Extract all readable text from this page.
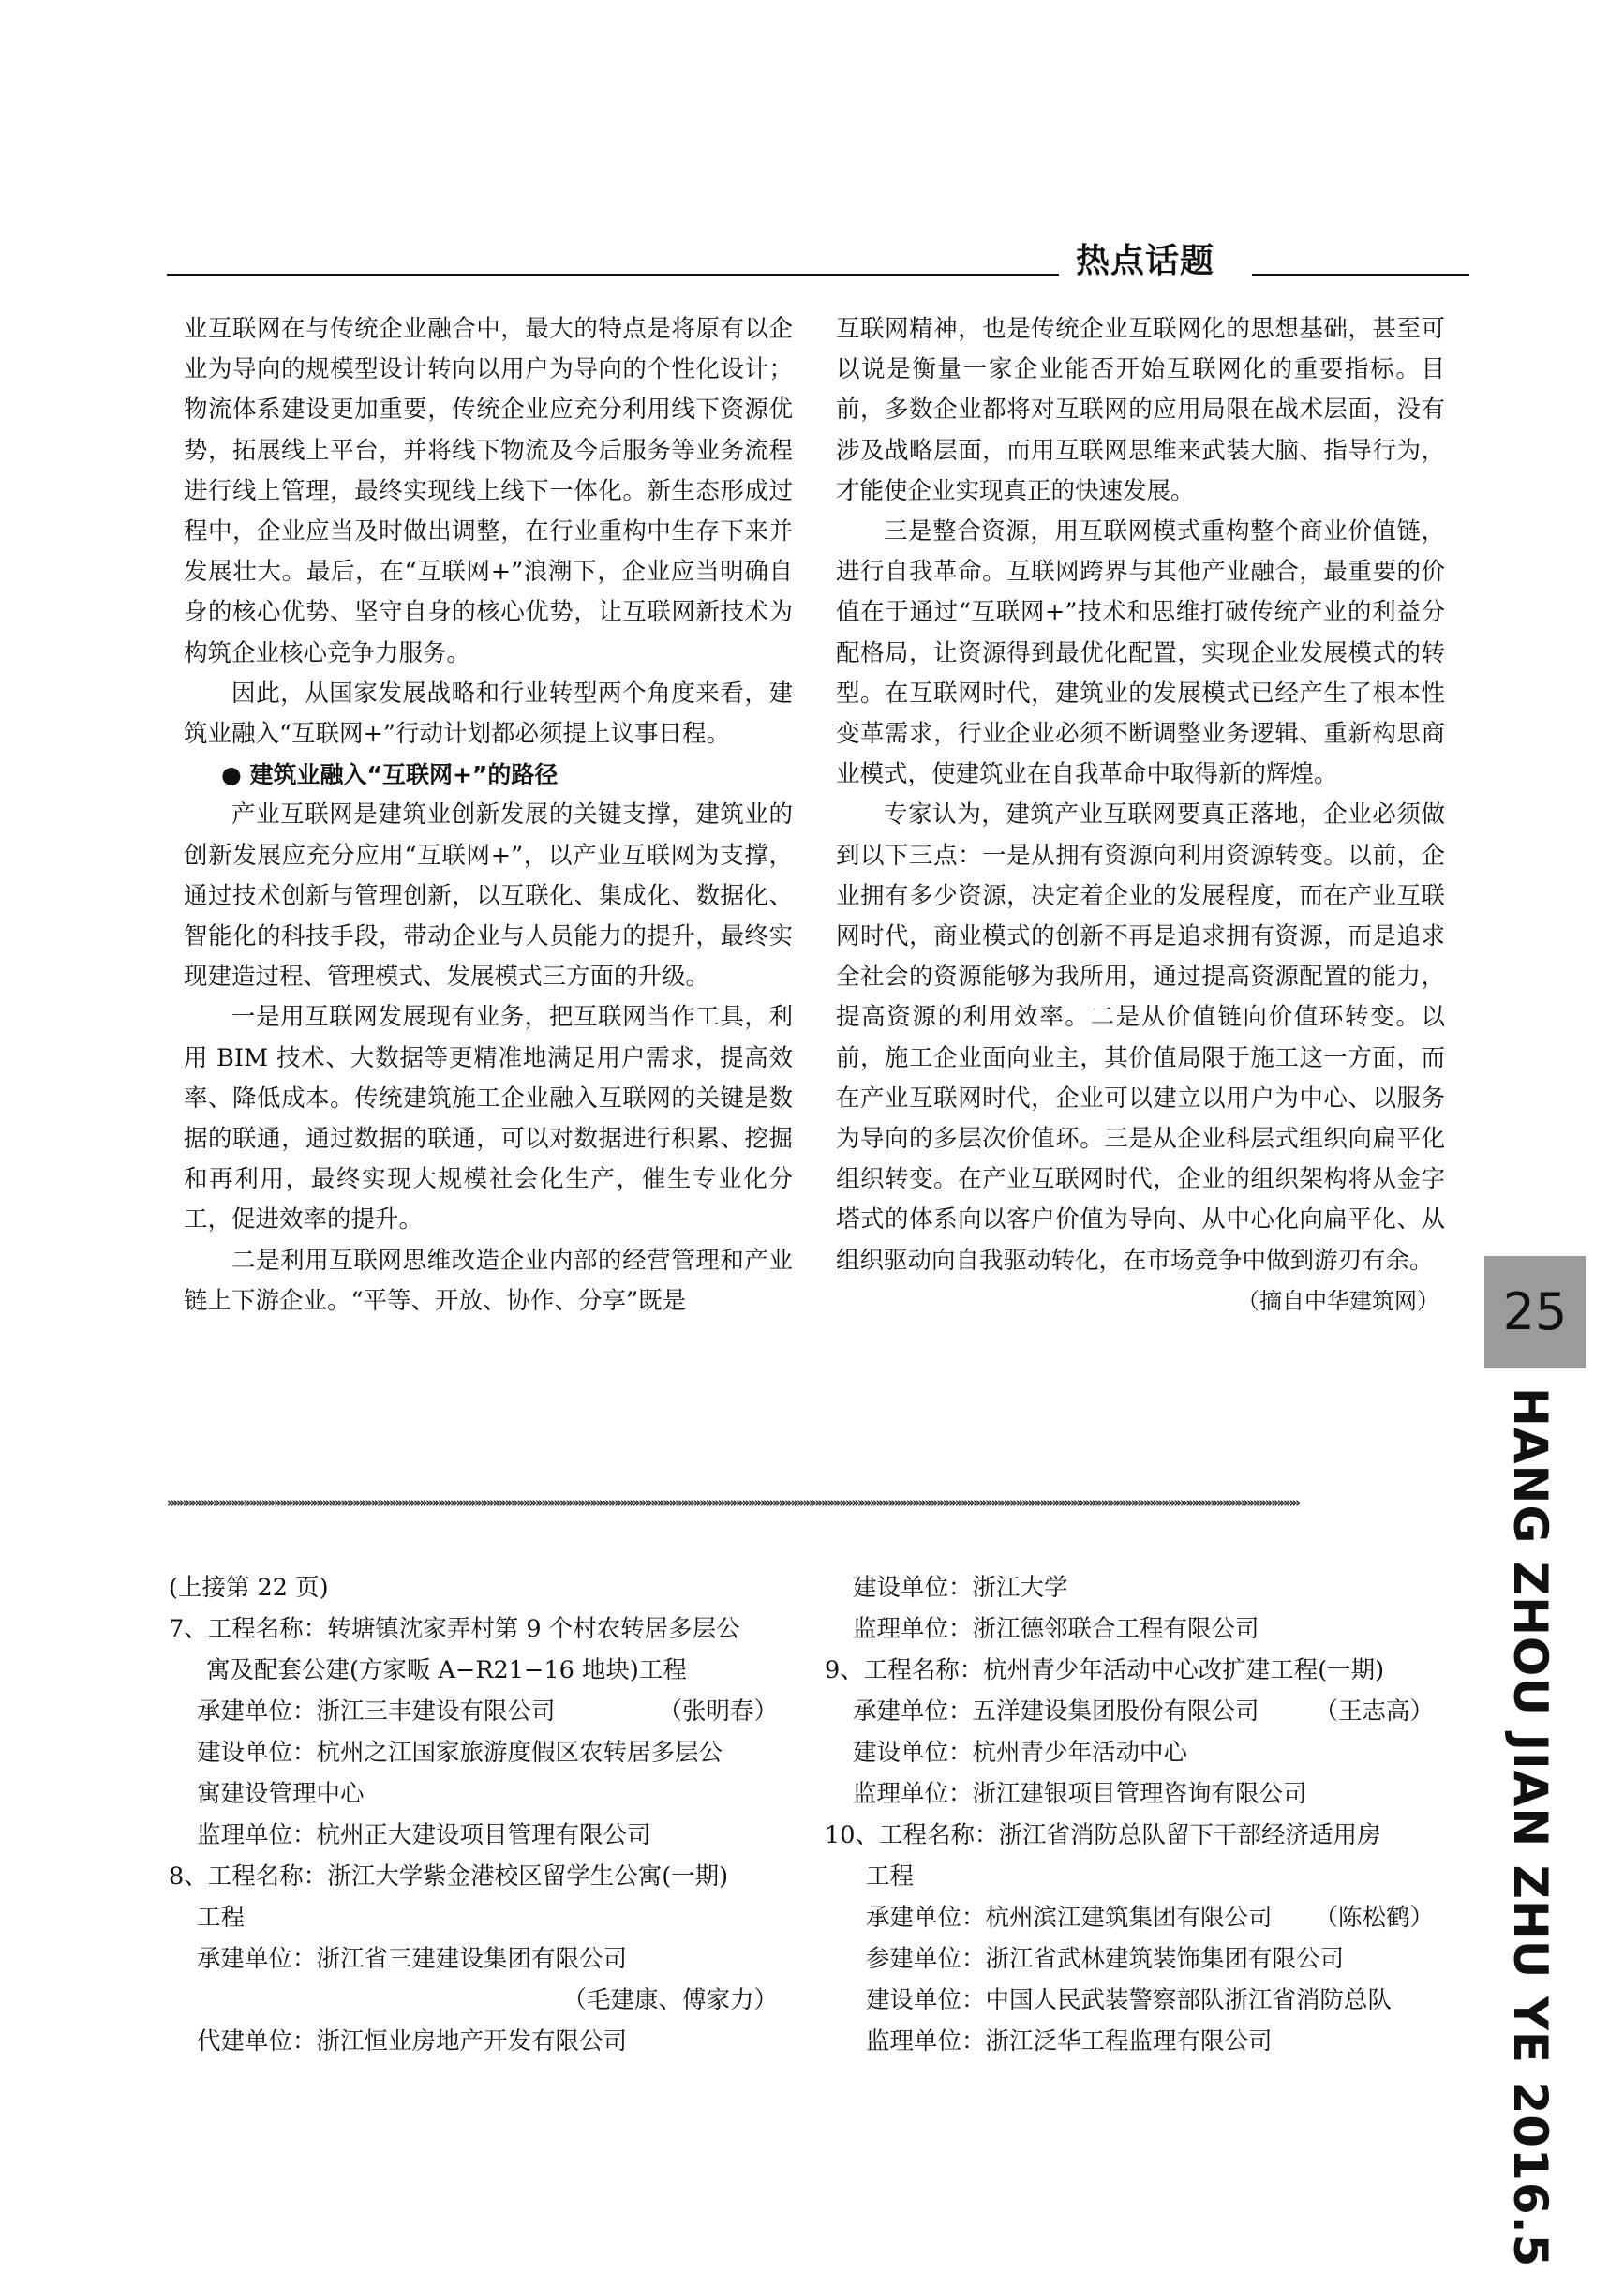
热点话题

业互联网在与传统企业融合中，最大的特点是将原有以企业为导向的规模型设计转向以用户为导向的个性化设计；物流体系建设更加重要，传统企业应充分利用线下资源优势，拓展线上平台，并将线下物流及今后服务等业务流程进行线上管理，最终实现线上线下一体化。新生态形成过程中，企业应当及时做出调整，在行业重构中生存下来并发展壮大。最后，在“互联网+”浪潮下，企业应当明确自身的核心优势、坚守自身的核心优势，让互联网新技术为构筑企业核心竞争力服务。

因此，从国家发展战略和行业转型两个角度来看，建筑业融入“互联网+”行动计划都必须提上议事日程。

● 建筑业融入“互联网+”的路径

产业互联网是建筑业创新发展的关键支撑，建筑业的创新发展应充分应用“互联网+”，以产业互联网为支撑，通过技术创新与管理创新，以互联化、集成化、数据化、智能化的科技手段，带动企业与人员能力的提升，最终实现建造过程、管理模式、发展模式三方面的升级。

一是用互联网发展现有业务，把互联网当作工具，利用 BIM 技术、大数据等更精准地满足用户需求，提高效率、降低成本。传统建筑施工企业融入互联网的关键是数据的联通，通过数据的联通，可以对数据进行积累、挖掘和再利用，最终实现大规模社会化生产，催生专业化分工，促进效率的提升。

二是利用互联网思维改造企业内部的经营管理和产业链上下游企业。“平等、开放、协作、分享”既是

互联网精神，也是传统企业互联网化的思想基础，甚至可以说是衡量一家企业能否开始互联网化的重要指标。目前，多数企业都将对互联网的应用局限在战术层面，没有涉及战略层面，而用互联网思维来武装大脑、指导行为，才能使企业实现真正的快速发展。

三是整合资源，用互联网模式重构整个商业价值链，进行自我革命。互联网跨界与其他产业融合，最重要的价值在于通过“互联网+”技术和思维打破传统产业的利益分配格局，让资源得到最优化配置，实现企业发展模式的转型。在互联网时代，建筑业的发展模式已经产生了根本性变革需求，行业企业必须不断调整业务逻辑、重新构思商业模式，使建筑业在自我革命中取得新的辉煌。

专家认为，建筑产业互联网要真正落地，企业必须做到以下三点：一是从拥有资源向利用资源转变。以前，企业拥有多少资源，决定着企业的发展程度，而在产业互联网时代，商业模式的创新不再是追求拥有资源，而是追求全社会的资源能够为我所用，通过提高资源配置的能力，提高资源的利用效率。二是从价值链向价值环转变。以前，施工企业面向业主，其价值局限于施工这一方面，而在产业互联网时代，企业可以建立以用户为中心、以服务为导向的多层次价值环。三是从企业科层式组织向扁平化组织转变。在产业互联网时代，企业的组织架构将从金字塔式的体系向以客户价值为导向、从中心化向扁平化、从组织驱动向自我驱动转化，在市场竞争中做到游刃有余。

（摘自中华建筑网）

»»»»»»»»»»»»»»»»»»»»»»»»»»»»»»»»»»»»»»»»»»»»»»»»»»»»»»»»»»»»»»»»»»»»»»»»»»»»»»»»»»»»»»»»»»»»»»»»»»»»»»»»»»»»»»»»»»»»»»»»»»»»»»»»»»»»»»»»»»»»»»»»»»»»»»»»»»»»»»»»»»»»»»»»»»»»»»»»»»»»»»»»»»
(上接第 22 页)
7、工程名称：转塘镇沈家弄村第 9 个村农转居多层公
寓及配套公建(方家畈 A−R21−16 地块)工程
承建单位：浙江三丰建设有限公司	（张明春）
建设单位：杭州之江国家旅游度假区农转居多层公
寓建设管理中心
监理单位：杭州正大建设项目管理有限公司
8、工程名称：浙江大学紫金港校区留学生公寓(一期)
工程
承建单位：浙江省三建建设集团有限公司

（毛建康、傅家力）
代建单位：浙江恒业房地产开发有限公司
建设单位：浙江大学
监理单位：浙江德邻联合工程有限公司
9、工程名称：杭州青少年活动中心改扩建工程(一期)
承建单位：五洋建设集团股份有限公司 （王志高）
建设单位：杭州青少年活动中心
监理单位：浙江建银项目管理咨询有限公司
10、工程名称：浙江省消防总队留下干部经济适用房
工程
承建单位：杭州滨江建筑集团有限公司 （陈松鹤）
参建单位：浙江省武林建筑装饰集团有限公司
建设单位：中国人民武装警察部队浙江省消防总队
监理单位：浙江泛华工程监理有限公司
25
HANG ZHOU JIAN ZHU YE 2016.5
